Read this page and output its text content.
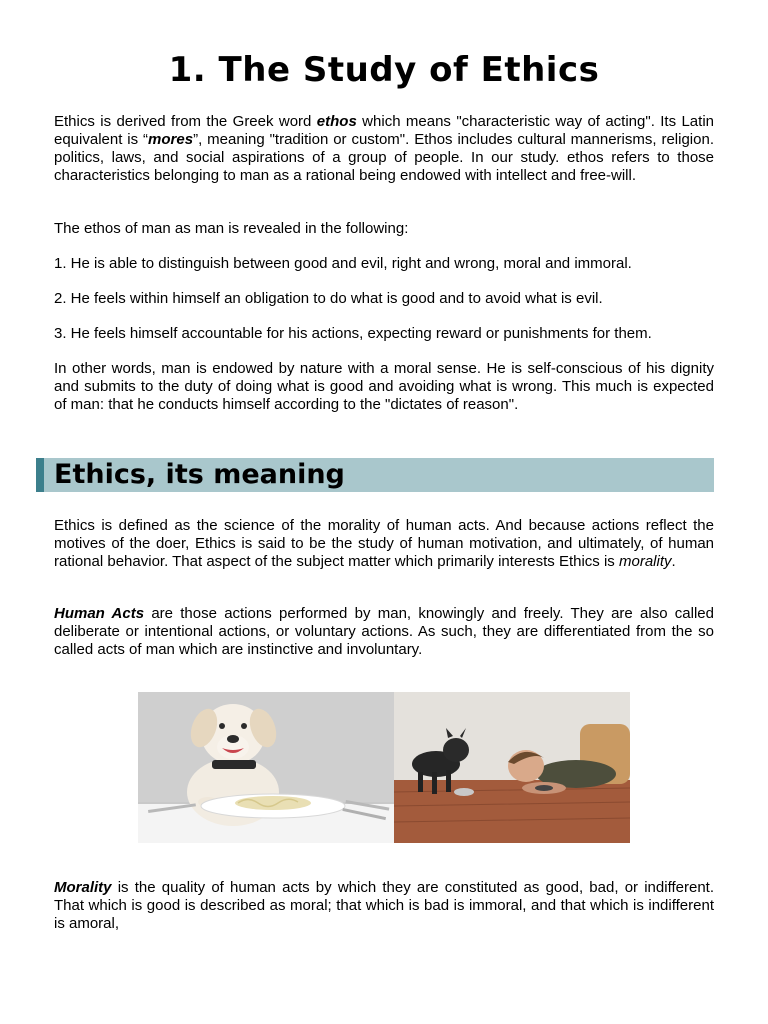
1. The Study of Ethics

Ethics is derived from the Greek word ethos which means "characteristic way of acting". Its Latin equivalent is “mores”, meaning "tradition or custom". Ethos includes cultural mannerisms, religion. politics, laws, and social aspirations of a group of people. In our study. ethos refers to those characteristics belonging to man as a rational being endowed with intellect and free-will.

The ethos of man as man is revealed in the following:

1. He is able to distinguish between good and evil, right and wrong, moral and immoral.

2. He feels within himself an obligation to do what is good and to avoid what is evil.

3. He feels himself accountable for his actions, expecting reward or punishments for them.

In other words, man is endowed by nature with a moral sense. He is self-conscious of his dignity and submits to the duty of doing what is good and avoiding what is wrong. This much is expected of man: that he conducts himself according to the "dictates of reason".

Ethics, its meaning

Ethics is defined as the science of the morality of human acts. And because actions reflect the motives of the doer, Ethics is said to be the study of human motivation, and ultimately, of human rational behavior. That aspect of the subject matter which primarily interests Ethics is morality.

Human Acts are those actions performed by man, knowingly and freely. They are also called deliberate or intentional actions, or voluntary actions. As such, they are differentiated from the so called acts of man which are instinctive and involuntary.

Morality is the quality of human acts by which they are constituted as good, bad, or indifferent. That which is good is described as moral; that which is bad is immoral, and that which is indifferent is amoral,
